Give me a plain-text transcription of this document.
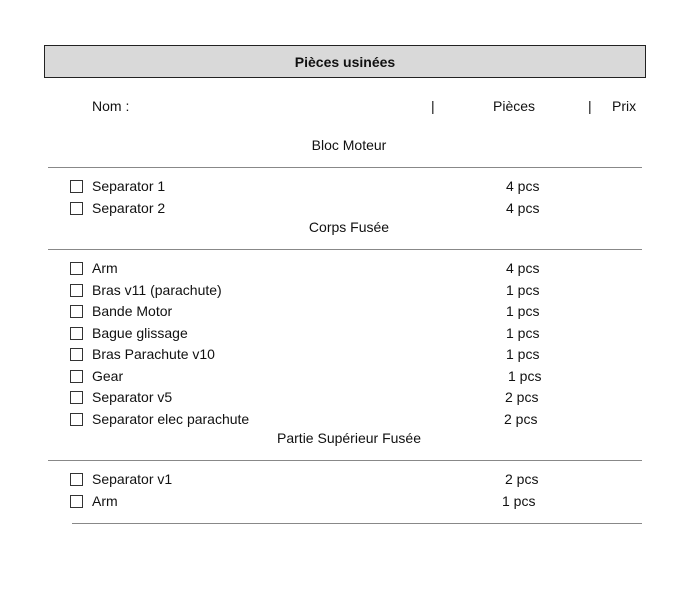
Pièces usinées
Nom :	|	Pièces	| Prix
Bloc Moteur
Separator 1	4 pcs
Separator 2	4 pcs
Corps Fusée
Arm	4 pcs
Bras v11 (parachute)	1 pcs
Bande Motor	1 pcs
Bague glissage	1 pcs
Bras Parachute v10	1 pcs
Gear	1 pcs
Separator v5	2 pcs
Separator elec parachute	2 pcs
Partie Supérieur Fusée
Separator v1	2 pcs
Arm	1 pcs
